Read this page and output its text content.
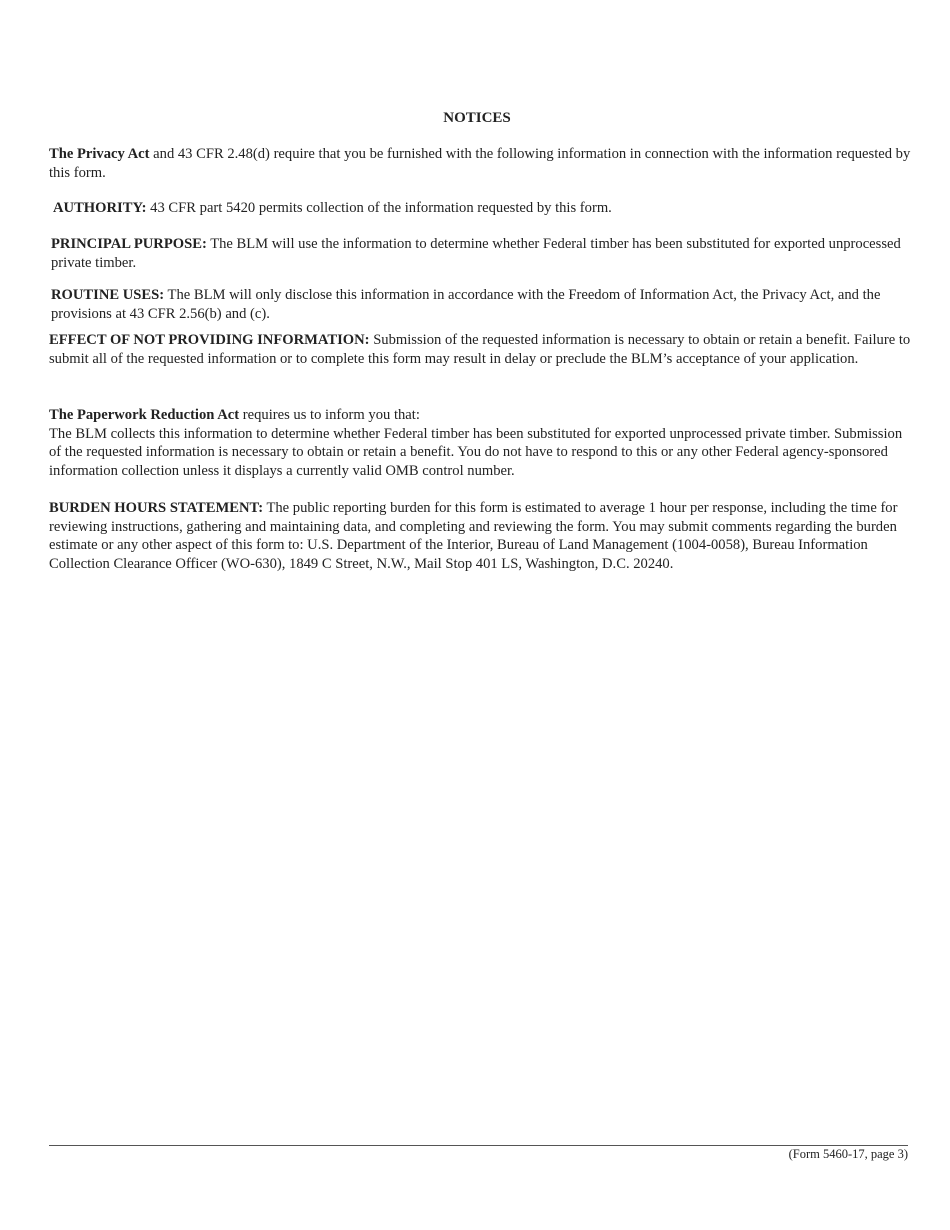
NOTICES

The Privacy Act and 43 CFR 2.48(d) require that you be furnished with the following information in connection with the information requested by this form.

AUTHORITY: 43 CFR part 5420 permits collection of the information requested by this form.

PRINCIPAL PURPOSE: The BLM will use the information to determine whether Federal timber has been substituted for exported unprocessed private timber.

ROUTINE USES: The BLM will only disclose this information in accordance with the Freedom of Information Act, the Privacy Act, and the provisions at 43 CFR 2.56(b) and (c).

EFFECT OF NOT PROVIDING INFORMATION: Submission of the requested information is necessary to obtain or retain a benefit. Failure to submit all of the requested information or to complete this form may result in delay or preclude the BLM’s acceptance of your application.

The Paperwork Reduction Act requires us to inform you that:
The BLM collects this information to determine whether Federal timber has been substituted for exported unprocessed private timber. Submission of the requested information is necessary to obtain or retain a benefit. You do not have to respond to this or any other Federal agency-sponsored information collection unless it displays a currently valid OMB control number.

BURDEN HOURS STATEMENT: The public reporting burden for this form is estimated to average 1 hour per response, including the time for reviewing instructions, gathering and maintaining data, and completing and reviewing the form. You may submit comments regarding the burden estimate or any other aspect of this form to: U.S. Department of the Interior, Bureau of Land Management (1004-0058), Bureau Information Collection Clearance Officer (WO-630), 1849 C Street, N.W., Mail Stop 401 LS, Washington, D.C. 20240.

(Form 5460-17, page 3)
